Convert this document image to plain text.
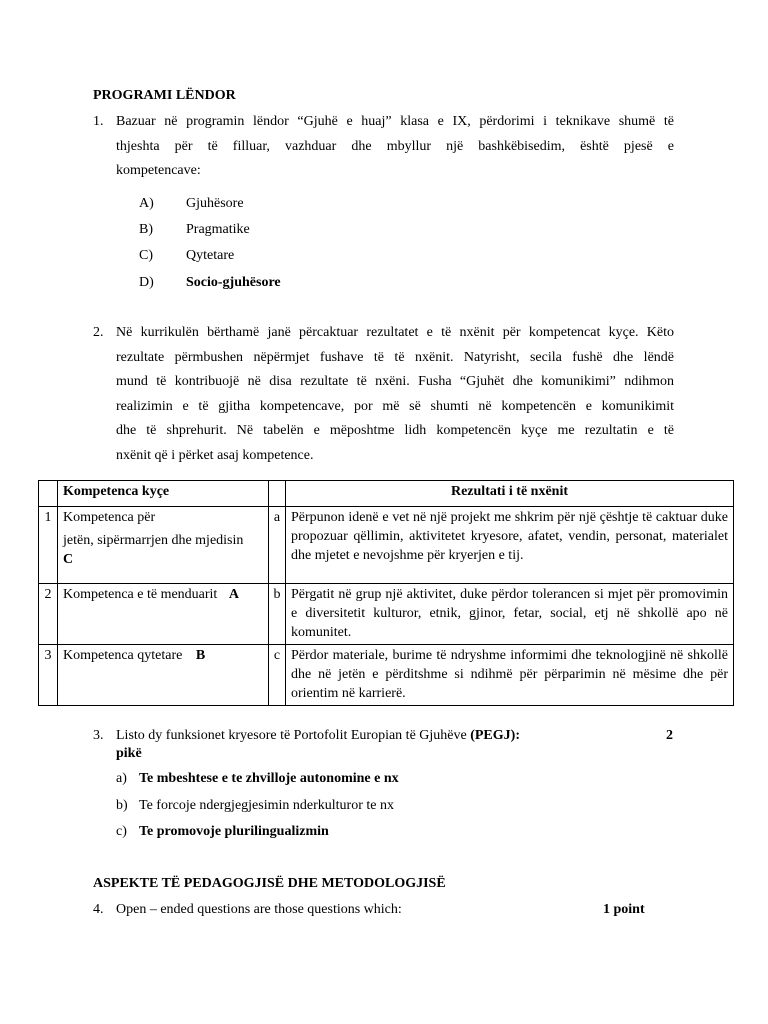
PROGRAMI LËNDOR
1. Bazuar në programin lëndor “Gjuhë e huaj” klasa e IX, përdorimi i teknikave shumë të
thjeshta për të filluar, vazhduar dhe mbyllur një bashkëbisedim, është pjesë e
kompetencave:
A) Gjuhësore
B) Pragmatike
C) Qytetare
D) Socio-gjuhësore
2. Në kurrikulën bërthamë janë përcaktuar rezultatet e të nxënit për kompetencat kyçe. Këto
rezultate përmbushen nëpërmjet fushave të të nxënit. Natyrisht, secila fushë dhe lëndë
mund të kontribuojë në disa rezultate të nxëni. Fusha “Gjuhët dhe komunikimi” ndihmon
realizimin e të gjitha kompetencave, por më së shumti në kompetencën e komunikimit
dhe të shprehurit. Në tabelën e mëposhtme lidh kompetencën kyçe me rezultatin e të
nxënit që i përket asaj kompetence.
	Kompetenca kyçe		Rezultati i të nxënit
1	Kompetenca për
jetën, sipërmarrjen dhe mjedisin
C	a	Përpunon idenë e vet në një projekt me shkrim për një çështje të caktuar duke propozuar qëllimin, aktivitetet kryesore, afatet, vendin, personat, materialet dhe mjetet e nevojshme për kryerjen e tij.
2	Kompetenca e të menduarit A	b	Përgatit në grup një aktivitet, duke përdor tolerancen si mjet për promovimin e diversitetit kulturor, etnik, gjinor, fetar, social, etj në shkollë apo në komunitet.
3	Kompetenca qytetare B	c	Përdor materiale, burime të ndryshme informimi dhe teknologjinë në shkollë dhe në jetën e përditshme si ndihmë për përparimin në mësime dhe për orientim në karrierë.
3. Listo dy funksionet kryesore të Portofolit Europian të Gjuhëve (PEGJ):	2
pikë
a) Te mbeshtese e te zhvilloje autonomine e nx
b) Te forcoje ndergjegjesimin nderkulturor te nx
c) Te promovoje plurilingualizmin
ASPEKTE TË PEDAGOGJISË DHE METODOLOGJISË
4. Open – ended questions are those questions which:	1 point
